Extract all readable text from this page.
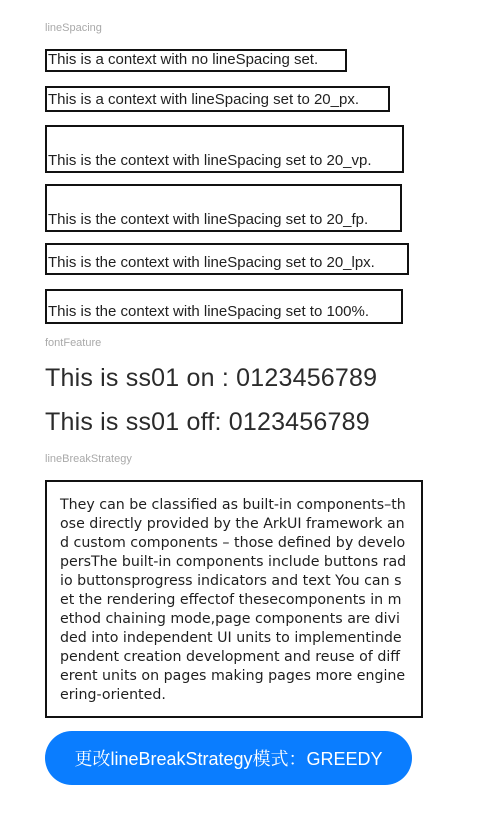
lineSpacing
This is a context with no lineSpacing set.
This is a context with lineSpacing set to 20_px.
This is the context with lineSpacing set to 20_vp.
This is the context with lineSpacing set to 20_fp.
This is the context with lineSpacing set to 20_lpx.
This is the context with lineSpacing set to 100%.
fontFeature
This is ss01 on : 0123456789
This is ss01 off: 0123456789
lineBreakStrategy
They can be classified as built-in components–those directly provided by the ArkUI framework and custom components – those defined by developersThe built-in components include buttons radio buttonsprogress indicators and text You can set the rendering effectof thesecomponents in method chaining mode,page components are divided into independent UI units to implementindependent creation development and reuse of different units on pages making pages more engineering-oriented.
更改lineBreakStrategy模式：GREEDY
